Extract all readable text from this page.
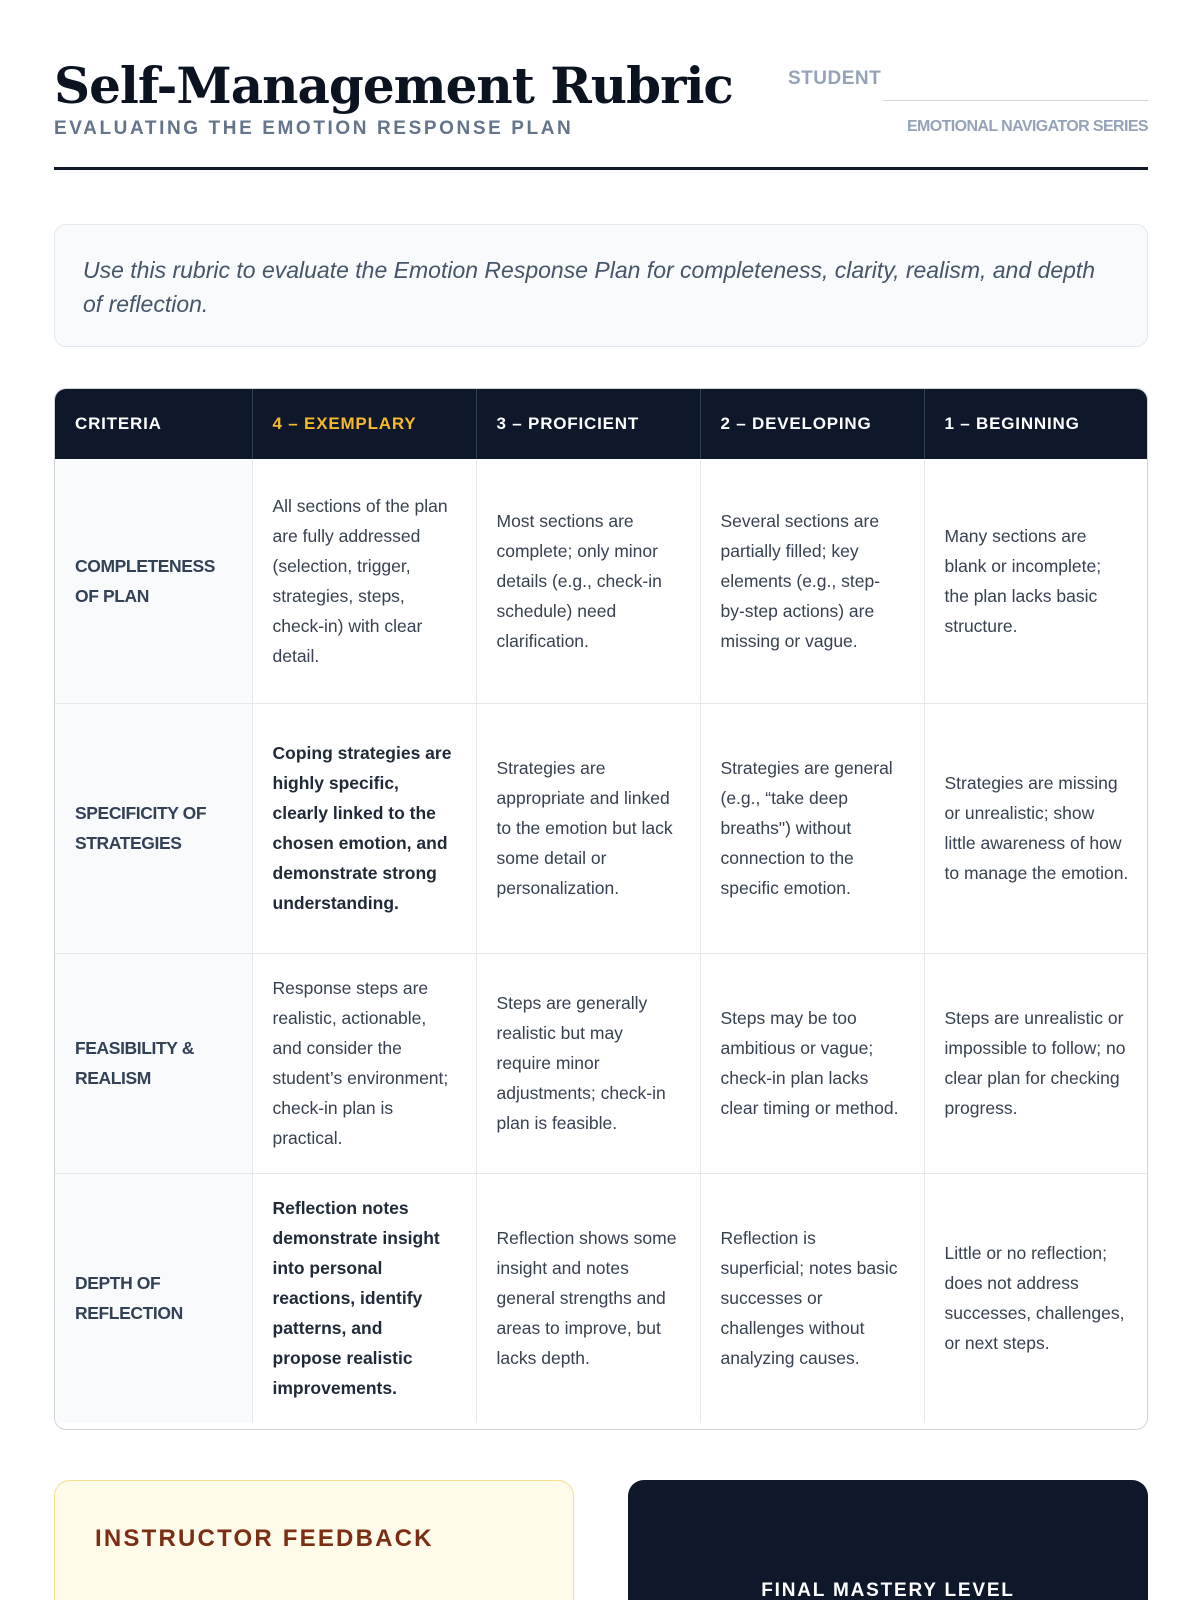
Self-Management Rubric
EVALUATING THE EMOTION RESPONSE PLAN
STUDENT
EMOTIONAL NAVIGATOR SERIES

Use this rubric to evaluate the Emotion Response Plan for completeness, clarity, realism, and depth of reflection.

CRITERIA	4 – EXEMPLARY	3 – PROFICIENT	2 – DEVELOPING	1 – BEGINNING
COMPLETENESS OF PLAN	All sections of the plan are fully addressed (selection, trigger, strategies, steps, check-in) with clear detail.	Most sections are complete; only minor details (e.g., check-in schedule) need clarification.	Several sections are partially filled; key elements (e.g., step-by-step actions) are missing or vague.	Many sections are blank or incomplete; the plan lacks basic structure.
SPECIFICITY OF STRATEGIES	Coping strategies are highly specific, clearly linked to the chosen emotion, and demonstrate strong understanding.	Strategies are appropriate and linked to the emotion but lack some detail or personalization.	Strategies are general (e.g., “take deep breaths") without connection to the specific emotion.	Strategies are missing or unrealistic; show little awareness of how to manage the emotion.
FEASIBILITY & REALISM	Response steps are realistic, actionable, and consider the student’s environment; check-in plan is practical.	Steps are generally realistic but may require minor adjustments; check-in plan is feasible.	Steps may be too ambitious or vague; check-in plan lacks clear timing or method.	Steps are unrealistic or impossible to follow; no clear plan for checking progress.
DEPTH OF REFLECTION	Reflection notes demonstrate insight into personal reactions, identify patterns, and propose realistic improvements.	Reflection shows some insight and notes general strengths and areas to improve, but lacks depth.	Reflection is superficial; notes basic successes or challenges without analyzing causes.	Little or no reflection; does not address successes, challenges, or next steps.
INSTRUCTOR FEEDBACK
FINAL MASTERY LEVEL
